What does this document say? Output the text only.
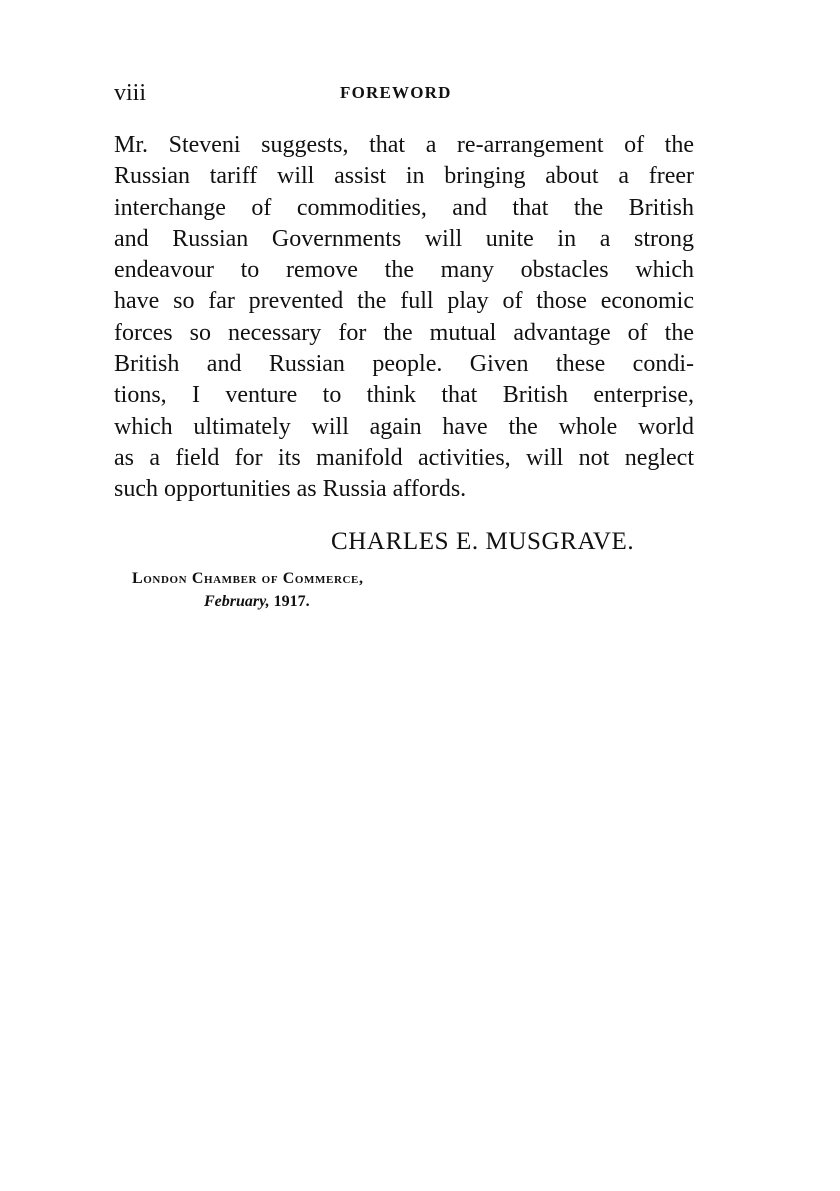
viii	FOREWORD
Mr. Steveni suggests, that a re-arrangement of the
Russian tariff will assist in bringing about a freer
interchange of commodities, and that the British
and Russian Governments will unite in a strong
endeavour to remove the many obstacles which
have so far prevented the full play of those economic
forces so necessary for the mutual advantage of the
British and Russian people. Given these condi-
tions, I venture to think that British enterprise,
which ultimately will again have the whole world
as a field for its manifold activities, will not neglect
such opportunities as Russia affords.
CHARLES E. MUSGRAVE.
London Chamber of Commerce,
February, 1917.
